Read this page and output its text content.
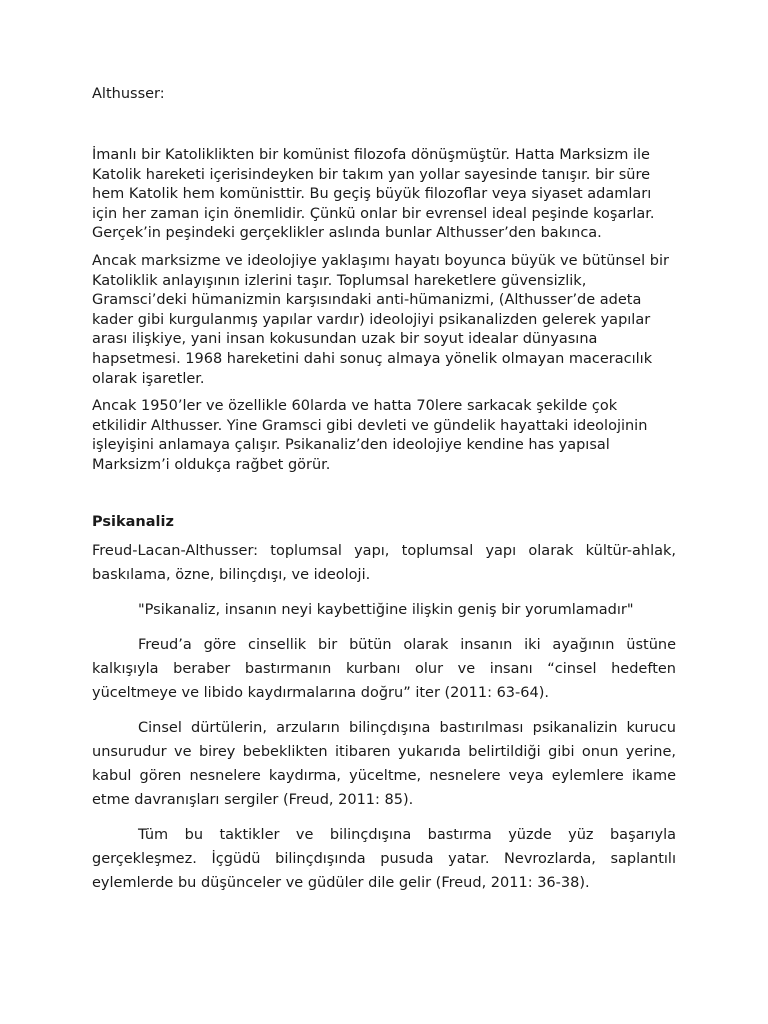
Althusser:

İmanlı bir Katoliklikten bir komünist filozofa dönüşmüştür. Hatta Marksizm ile Katolik hareketi içerisindeyken bir takım yan yollar sayesinde tanışır. bir süre hem Katolik hem komünisttir. Bu geçiş büyük filozoflar veya siyaset adamları için her zaman için önemlidir. Çünkü onlar bir evrensel ideal peşinde koşarlar. Gerçek’in peşindeki gerçeklikler aslında bunlar Althusser’den bakınca.

Ancak marksizme ve ideolojiye yaklaşımı hayatı boyunca büyük ve bütünsel bir Katoliklik anlayışının izlerini taşır. Toplumsal hareketlere güvensizlik, Gramsci’deki hümanizmin karşısındaki anti-hümanizmi, (Althusser’de adeta kader gibi kurgulanmış yapılar vardır) ideolojiyi psikanalizden gelerek yapılar arası ilişkiye, yani insan kokusundan uzak bir soyut idealar dünyasına hapsetmesi. 1968 hareketini dahi sonuç almaya yönelik olmayan maceracılık olarak işaretler.

Ancak 1950’ler ve özellikle 60larda ve hatta 70lere sarkacak şekilde çok etkilidir Althusser. Yine Gramsci gibi devleti ve gündelik hayattaki ideolojinin işleyişini anlamaya çalışır. Psikanaliz’den ideolojiye kendine has yapısal Marksizm’i oldukça rağbet görür.

Psikanaliz

Freud-Lacan-Althusser: toplumsal yapı, toplumsal yapı olarak kültür-ahlak, baskılama, özne, bilinçdışı, ve ideoloji.

"Psikanaliz, insanın neyi kaybettiğine ilişkin geniş bir yorumlamadır"

Freud’a göre cinsellik bir bütün olarak insanın iki ayağının üstüne kalkışıyla beraber bastırmanın kurbanı olur ve insanı “cinsel hedeften yüceltmeye ve libido kaydırmalarına doğru” iter (2011: 63-64).

Cinsel dürtülerin, arzuların bilinçdışına bastırılması psikanalizin kurucu unsurudur ve birey bebeklikten itibaren yukarıda belirtildiği gibi onun yerine, kabul gören nesnelere kaydırma, yüceltme, nesnelere veya eylemlere ikame etme davranışları sergiler (Freud, 2011: 85).

Tüm bu taktikler ve bilinçdışına bastırma yüzde yüz başarıyla gerçekleşmez. İçgüdü bilinçdışında pusuda yatar. Nevrozlarda, saplantılı eylemlerde bu düşünceler ve güdüler dile gelir (Freud, 2011: 36-38).
